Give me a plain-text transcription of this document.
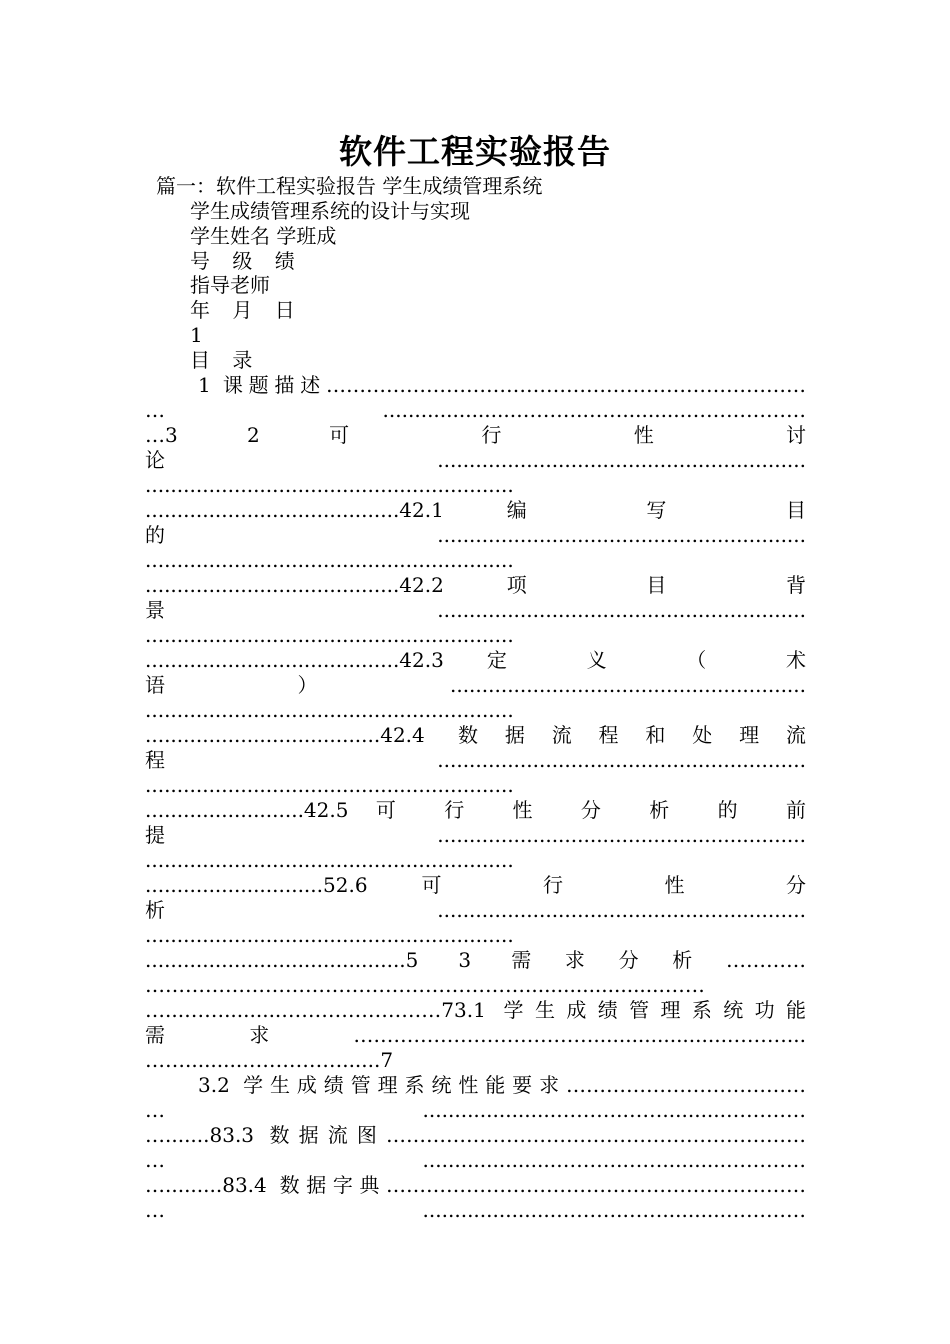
软件工程实验报告
篇一：软件工程实验报告 学生成绩管理系统
学生成绩管理系统的设计与实现
学生姓名 学班成
号 级 绩
指导老师
年 月 日
1
目 录
1 课题描述………………………………………………………………
… .....................……….……..........………………
…3 2 可 行 性 讨
论..........................................................
..........................................................
........................................42.1 编 写 目
的..........................................................
..........................................................
........................................42.2 项 目 背
景..........................................................
..........................................................
........................................42.3 定 义 （ 术
语）........................................................
..........................................................
.....................................42.4 数据流程和处理流
程..........................................................
..........................................................
.........................42.5 可 行 性 分 析 的 前
提..........................................................
..........................................................
............................52.6 可 行 性 分
析..........................................................
..........................................................
.........................................5 3 需求分析…………
…………………………………………………......................……
…...…….........……………………73.1 学生成绩管理系统功能
需求……………………………….....................………...
…….........……………......7
3.2 学生成绩管理系统性能要求………………………………
… .....................……….……..........…………
….......83.3 数据流图………………………………………………………
… .....................……….……..........…………
….........83.4 数据字典………………………………………………………
… .....................……….……..........…………
